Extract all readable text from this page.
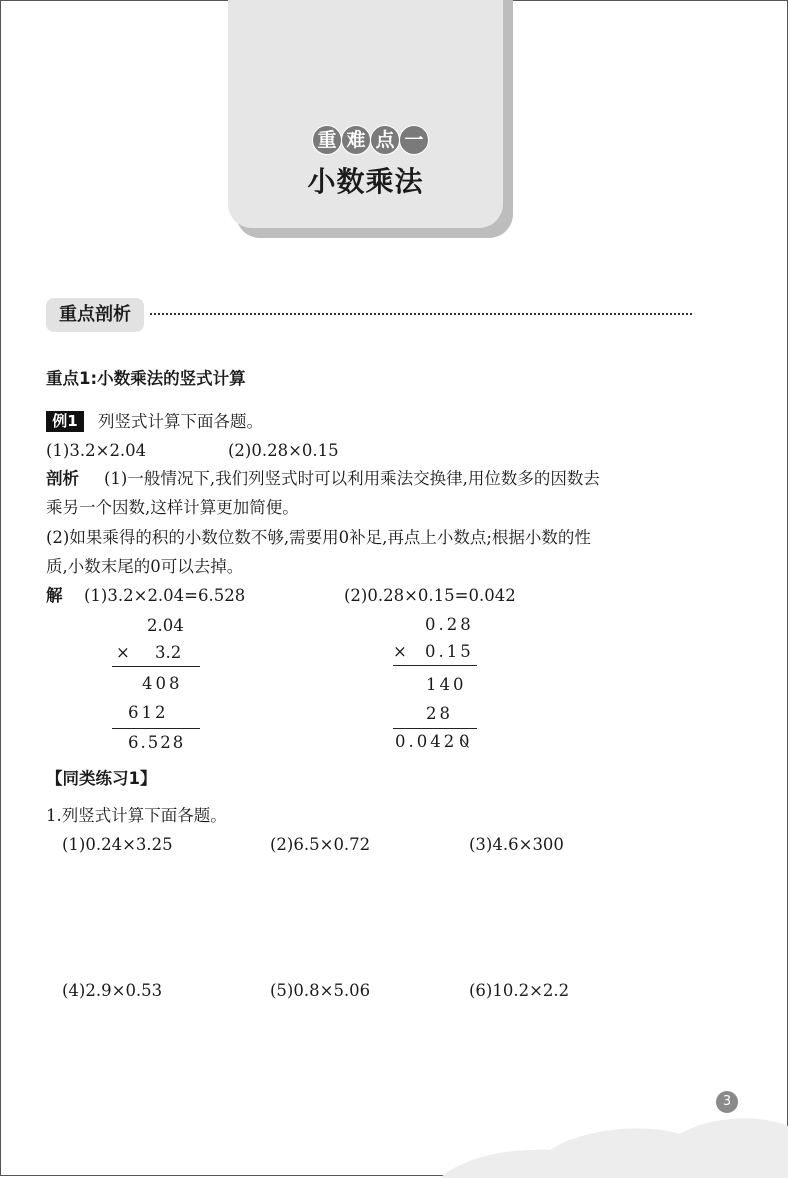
重 难 点 一
小数乘法
重点剖析
重点1:小数乘法的竖式计算
例1	列竖式计算下面各题。
(1)3.2×2.04	(2)0.28×0.15
剖析 (1)一般情况下,我们列竖式时可以利用乘法交换律,用位数多的因数去
乘另一个因数,这样计算更加简便。
(2)如果乘得的积的小数位数不够,需要用0补足,再点上小数点;根据小数的性
质,小数末尾的0可以去掉。
解 (1)3.2×2.04=6.528	(2)0.28×0.15=0.042
2.04
× 3.2
408
612
6.528
0.28
× 0.15
140
28
0.042 0
【同类练习1】
1.列竖式计算下面各题。
(1)0.24×3.25	(2)6.5×0.72	(3)4.6×300
(4)2.9×0.53	(5)0.8×5.06	(6)10.2×2.2
3
